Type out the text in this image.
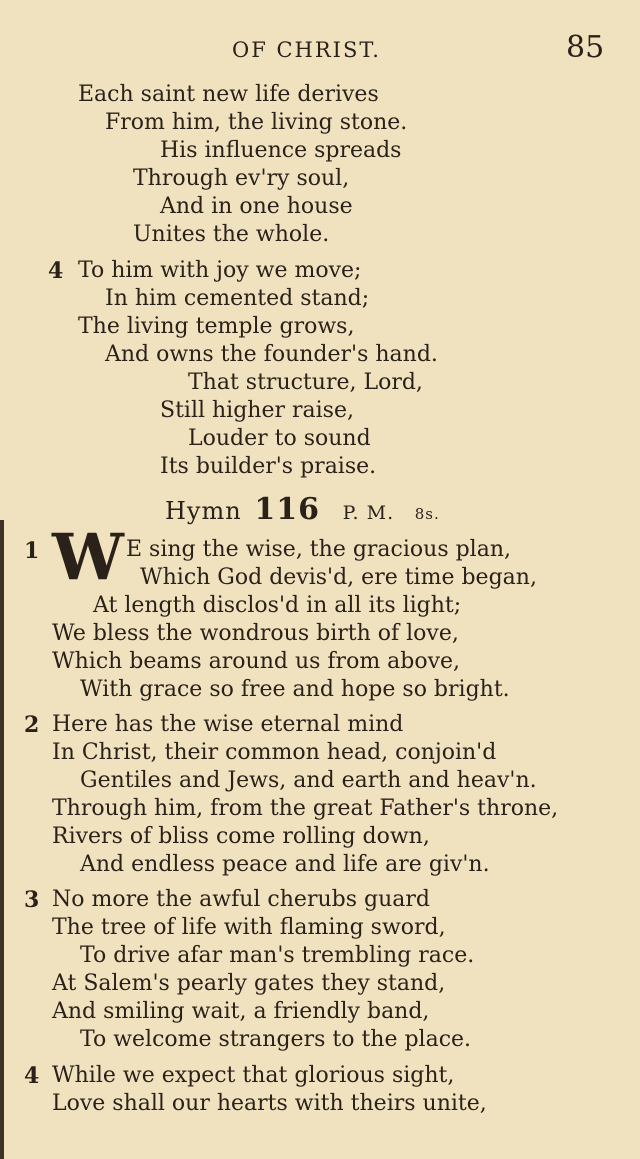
OF CHRIST.	85
Each saint new life derives
From him, the living stone.
His influence spreads
Through ev'ry soul,
And in one house
Unites the whole.
4 To him with joy we move;
In him cemented stand;
The living temple grows,
And owns the founder's hand.
That structure, Lord,
Still higher raise,
Louder to sound
Its builder's praise.
Hymn 116 P. M. 8s.
1 W E sing the wise, the gracious plan,
Which God devis'd, ere time began,
At length disclos'd in all its light;
We bless the wondrous birth of love,
Which beams around us from above,
With grace so free and hope so bright.
2 Here has the wise eternal mind
In Christ, their common head, conjoin'd
Gentiles and Jews, and earth and heav'n.
Through him, from the great Father's throne,
Rivers of bliss come rolling down,
And endless peace and life are giv'n.
3 No more the awful cherubs guard
The tree of life with flaming sword,
To drive afar man's trembling race.
At Salem's pearly gates they stand,
And smiling wait, a friendly band,
To welcome strangers to the place.
4 While we expect that glorious sight,
Love shall our hearts with theirs unite,
